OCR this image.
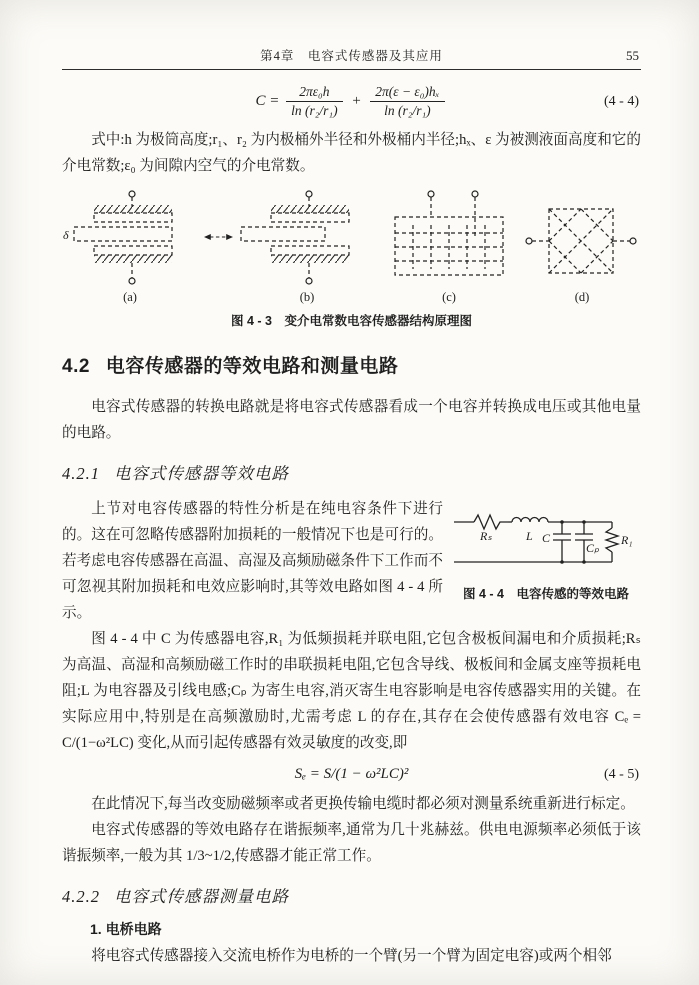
第4章　电容式传感器及其应用	55
$C = \frac{\text{2πε₀h}}{\text{ln (r₂/r₁)}} + \frac{\text{2π(ε − ε₀)hₓ}}{\text{ln (r₂/r₁)}}$	(4 - 4)

式中:h 为极筒高度;r₁、r₂ 为内极桶外半径和外极桶内半径;hₓ、ε 为被测液面高度和它的介电常数;ε₀ 为间隙内空气的介电常数。

δ
(a)	(b)	(c)	(d)
图 4 - 3　变介电常数电容传感器结构原理图
4.2 电容传感器的等效电路和测量电路

电容式传感器的转换电路就是将电容式传感器看成一个电容并转换成电压或其他电量的电路。

4.2.1 电容式传感器等效电路
Rₛ	L C
Cₚ
R₁
图 4 - 4　电容传感的等效电路

上节对电容传感器的特性分析是在纯电容条件下进行的。这在可忽略传感器附加损耗的一般情况下也是可行的。若考虑电容传感器在高温、高湿及高频励磁条件下工作而不可忽视其附加损耗和电效应影响时,其等效电路如图 4 - 4 所示。

图 4 - 4 中 C 为传感器电容,R₁ 为低频损耗并联电阻,它包含极板间漏电和介质损耗;Rₛ 为高温、高湿和高频励磁工作时的串联损耗电阻,它包含导线、极板间和金属支座等损耗电阻;L 为电容器及引线电感;Cₚ 为寄生电容,消灭寄生电容影响是电容传感器实用的关键。在实际应用中,特别是在高频激励时,尤需考虑 L 的存在,其存在会使传感器有效电容 Cₑ = C/(1−ω²LC) 变化,从而引起传感器有效灵敏度的改变,即

Sₑ = S/(1 − ω²LC)²	(4 - 5)

在此情况下,每当改变励磁频率或者更换传输电缆时都必须对测量系统重新进行标定。

电容式传感器的等效电路存在谐振频率,通常为几十兆赫兹。供电电源频率必须低于该谐振频率,一般为其 1/3~1/2,传感器才能正常工作。

4.2.2 电容式传感器测量电路
1. 电桥电路

将电容式传感器接入交流电桥作为电桥的一个臂(另一个臂为固定电容)或两个相邻
